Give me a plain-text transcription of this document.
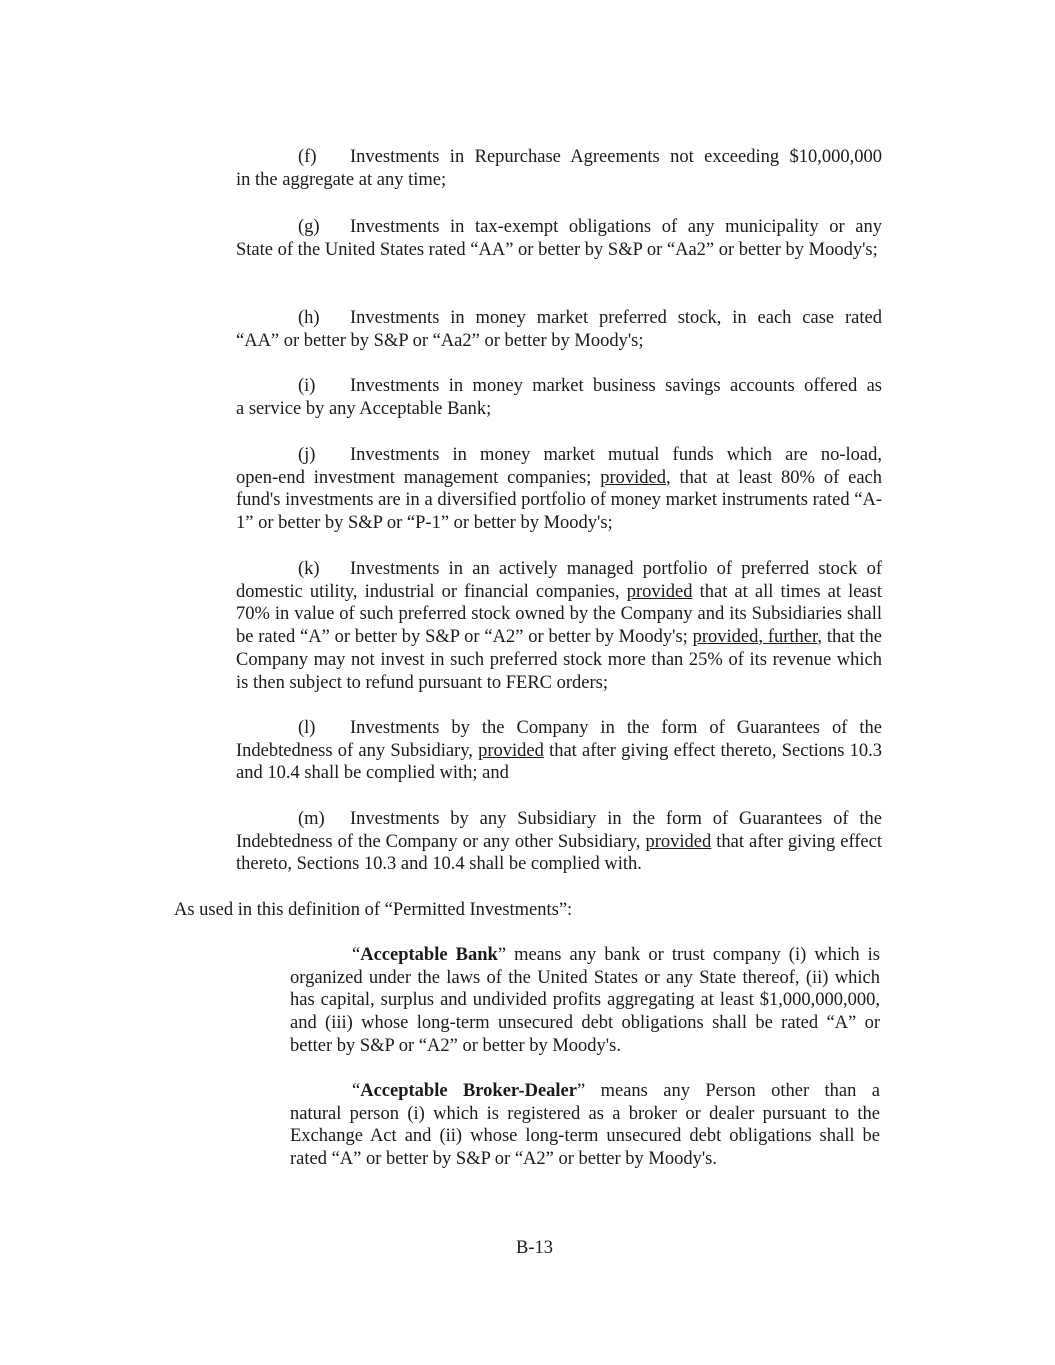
(f) Investments in Repurchase Agreements not exceeding $10,000,000
in the aggregate at any time;
(g) Investments in tax-exempt obligations of any municipality or any
State of the United States rated “AA” or better by S&P or “Aa2” or better by Moody's;
(h) Investments in money market preferred stock, in each case rated
“AA” or better by S&P or “Aa2” or better by Moody's;
(i) Investments in money market business savings accounts offered as
a service by any Acceptable Bank;
(j) Investments in money market mutual funds which are no-load,
open-end investment management companies; provided, that at least 80% of each fund's investments are in a diversified portfolio of money market instruments rated “A-1” or better by S&P or “P-1” or better by Moody's;
(k) Investments in an actively managed portfolio of preferred stock of
domestic utility, industrial or financial companies, provided that at all times at least 70% in value of such preferred stock owned by the Company and its Subsidiaries shall be rated “A” or better by S&P or “A2” or better by Moody's; provided, further, that the Company may not invest in such preferred stock more than 25% of its revenue which is then subject to refund pursuant to FERC orders;
(l) Investments by the Company in the form of Guarantees of the
Indebtedness of any Subsidiary, provided that after giving effect thereto, Sections 10.3 and 10.4 shall be complied with; and
(m) Investments by any Subsidiary in the form of Guarantees of the
Indebtedness of the Company or any other Subsidiary, provided that after giving effect thereto, Sections 10.3 and 10.4 shall be complied with.
As used in this definition of “Permitted Investments”:
“Acceptable Bank” means any bank or trust company (i) which is
organized under the laws of the United States or any State thereof, (ii) which has capital, surplus and undivided profits aggregating at least $1,000,000,000, and (iii) whose long-term unsecured debt obligations shall be rated “A” or better by S&P or “A2” or better by Moody's.
“Acceptable Broker-Dealer” means any Person other than a
natural person (i) which is registered as a broker or dealer pursuant to the Exchange Act and (ii) whose long-term unsecured debt obligations shall be rated “A” or better by S&P or “A2” or better by Moody's.
B-13
